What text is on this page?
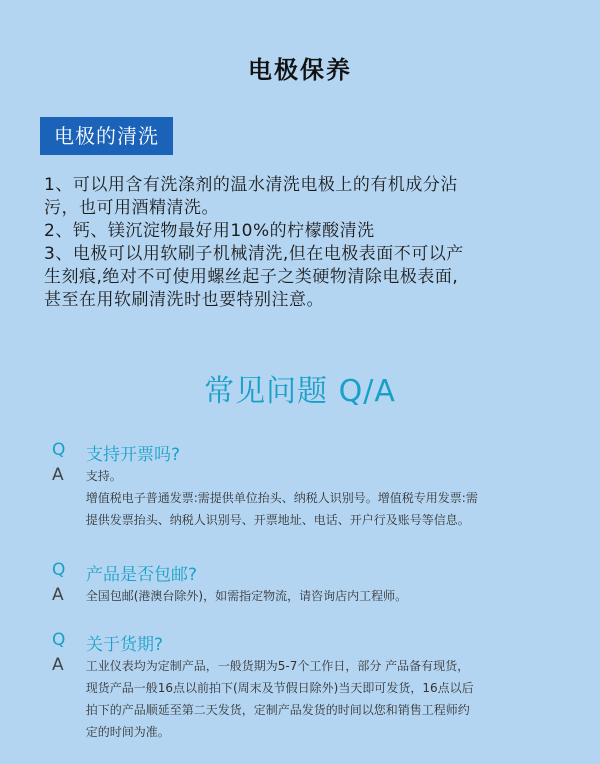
电极保养
电极的清洗

1、可以用含有洗涤剂的温水清洗电极上的有机成分沾

污，也可用酒精清洗。

2、钙、镁沉淀物最好用10%的柠檬酸清洗

3、电极可以用软刷子机械清洗,但在电极表面不可以产

生刻痕,绝对不可使用螺丝起子之类硬物清除电极表面,

甚至在用软刷清洗时也要特别注意。

常见问题 Q/A
Q	支持开票吗?
A	支持。

增值税电子普通发票:需提供单位抬头、纳税人识别号。增值税专用发票:需

提供发票抬头、纳税人识别号、开票地址、电话、开户行及账号等信息。

Q	产品是否包邮?
A	全国包邮(港澳台除外)，如需指定物流，请咨询店内工程师。

Q	关于货期?
A	工业仪表均为定制产品，一般货期为5-7个工作日，部分 产品备有现货，

现货产品一般16点以前拍下(周末及节假日除外)当天即可发货，16点以后

拍下的产品顺延至第二天发货，定制产品发货的时间以您和销售工程师约

定的时间为准。
